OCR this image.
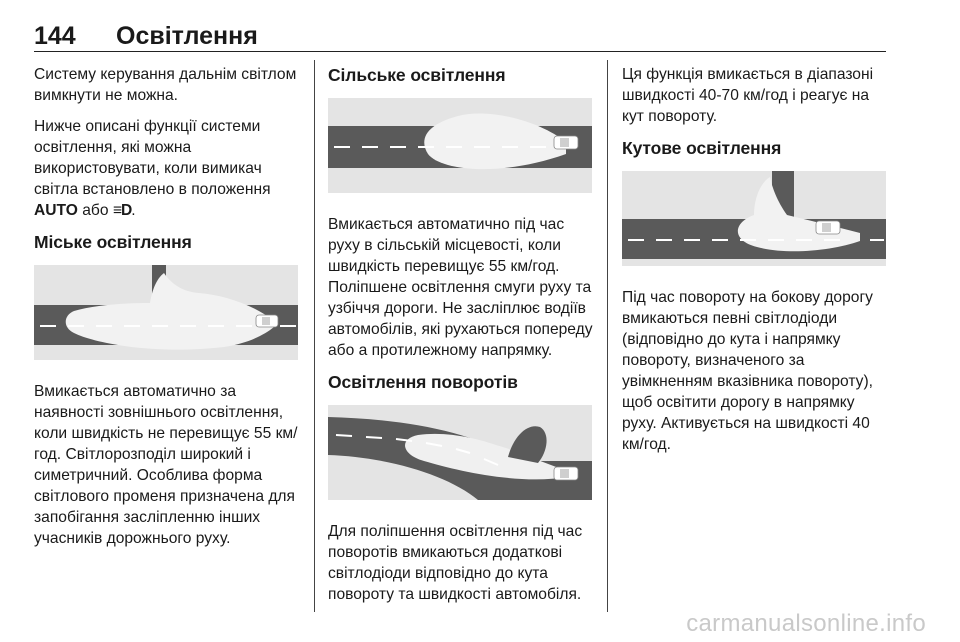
144 Освітлення

Систему керування дальнім світлом вимкнути не можна.

Нижче описані функції системи освітлення, які можна використовувати, коли вимикач світла встановлено в положення AUTO або ≡D.

Міське освітлення

Вмикається автоматично за наявності зовнішнього освітлення, коли швидкість не перевищує 55 км/год. Світлорозподіл широкий і симетричний. Особлива форма світлового променя призначена для запобігання засліпленню інших учасників дорожнього руху.

Сільське освітлення

Вмикається автоматично під час руху в сільській місцевості, коли швидкість перевищує 55 км/год. Поліпшене освітлення смуги руху та узбіччя дороги. Не засліплює водіїв автомобілів, які рухаються попереду або а протилежному напрямку.

Освітлення поворотів

Для поліпшення освітлення під час поворотів вмикаються додаткові світлодіоди відповідно до кута повороту та швидкості автомобіля.

Ця функція вмикається в діапазоні швидкості 40-70 км/год і реагує на кут повороту.

Кутове освітлення

Під час повороту на бокову дорогу вмикаються певні світлодіоди (відповідно до кута і напрямку повороту, визначеного за увімкненням вказівника повороту), щоб освітити дорогу в напрямку руху. Активується на швидкості 40 км/год.

carmanualsonline.info
